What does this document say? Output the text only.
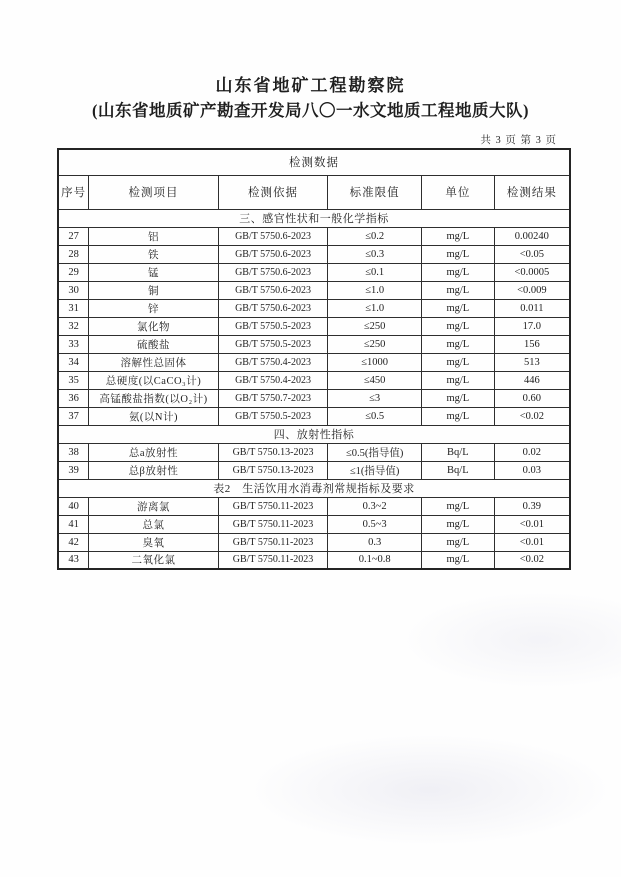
山东省地矿工程勘察院
(山东省地质矿产勘查开发局八〇一水文地质工程地质大队)
共 3 页 第 3 页
检测数据					
序号	检测项目	检测依据	标准限值	单位	检测结果
三、感官性状和一般化学指标					
27	铝	GB/T 5750.6-2023	≤0.2	mg/L	0.00240
28	铁	GB/T 5750.6-2023	≤0.3	mg/L	<0.05
29	锰	GB/T 5750.6-2023	≤0.1	mg/L	<0.0005
30	铜	GB/T 5750.6-2023	≤1.0	mg/L	<0.009
31	锌	GB/T 5750.6-2023	≤1.0	mg/L	0.011
32	氯化物	GB/T 5750.5-2023	≤250	mg/L	17.0
33	硫酸盐	GB/T 5750.5-2023	≤250	mg/L	156
34	溶解性总固体	GB/T 5750.4-2023	≤1000	mg/L	513
35	总硬度(以CaCO₃计)	GB/T 5750.4-2023	≤450	mg/L	446
36	高锰酸盐指数(以O₂计)	GB/T 5750.7-2023	≤3	mg/L	0.60
37	氨(以N计)	GB/T 5750.5-2023	≤0.5	mg/L	<0.02
四、放射性指标					
38	总a放射性	GB/T 5750.13-2023	≤0.5(指导值)	Bq/L	0.02
39	总β放射性	GB/T 5750.13-2023	≤1(指导值)	Bq/L	0.03
表2　生活饮用水消毒剂常规指标及要求					
40	游离氯	GB/T 5750.11-2023	0.3~2	mg/L	0.39
41	总氯	GB/T 5750.11-2023	0.5~3	mg/L	<0.01
42	臭氧	GB/T 5750.11-2023	0.3	mg/L	<0.01
43	二氧化氯	GB/T 5750.11-2023	0.1~0.8	mg/L	<0.02
